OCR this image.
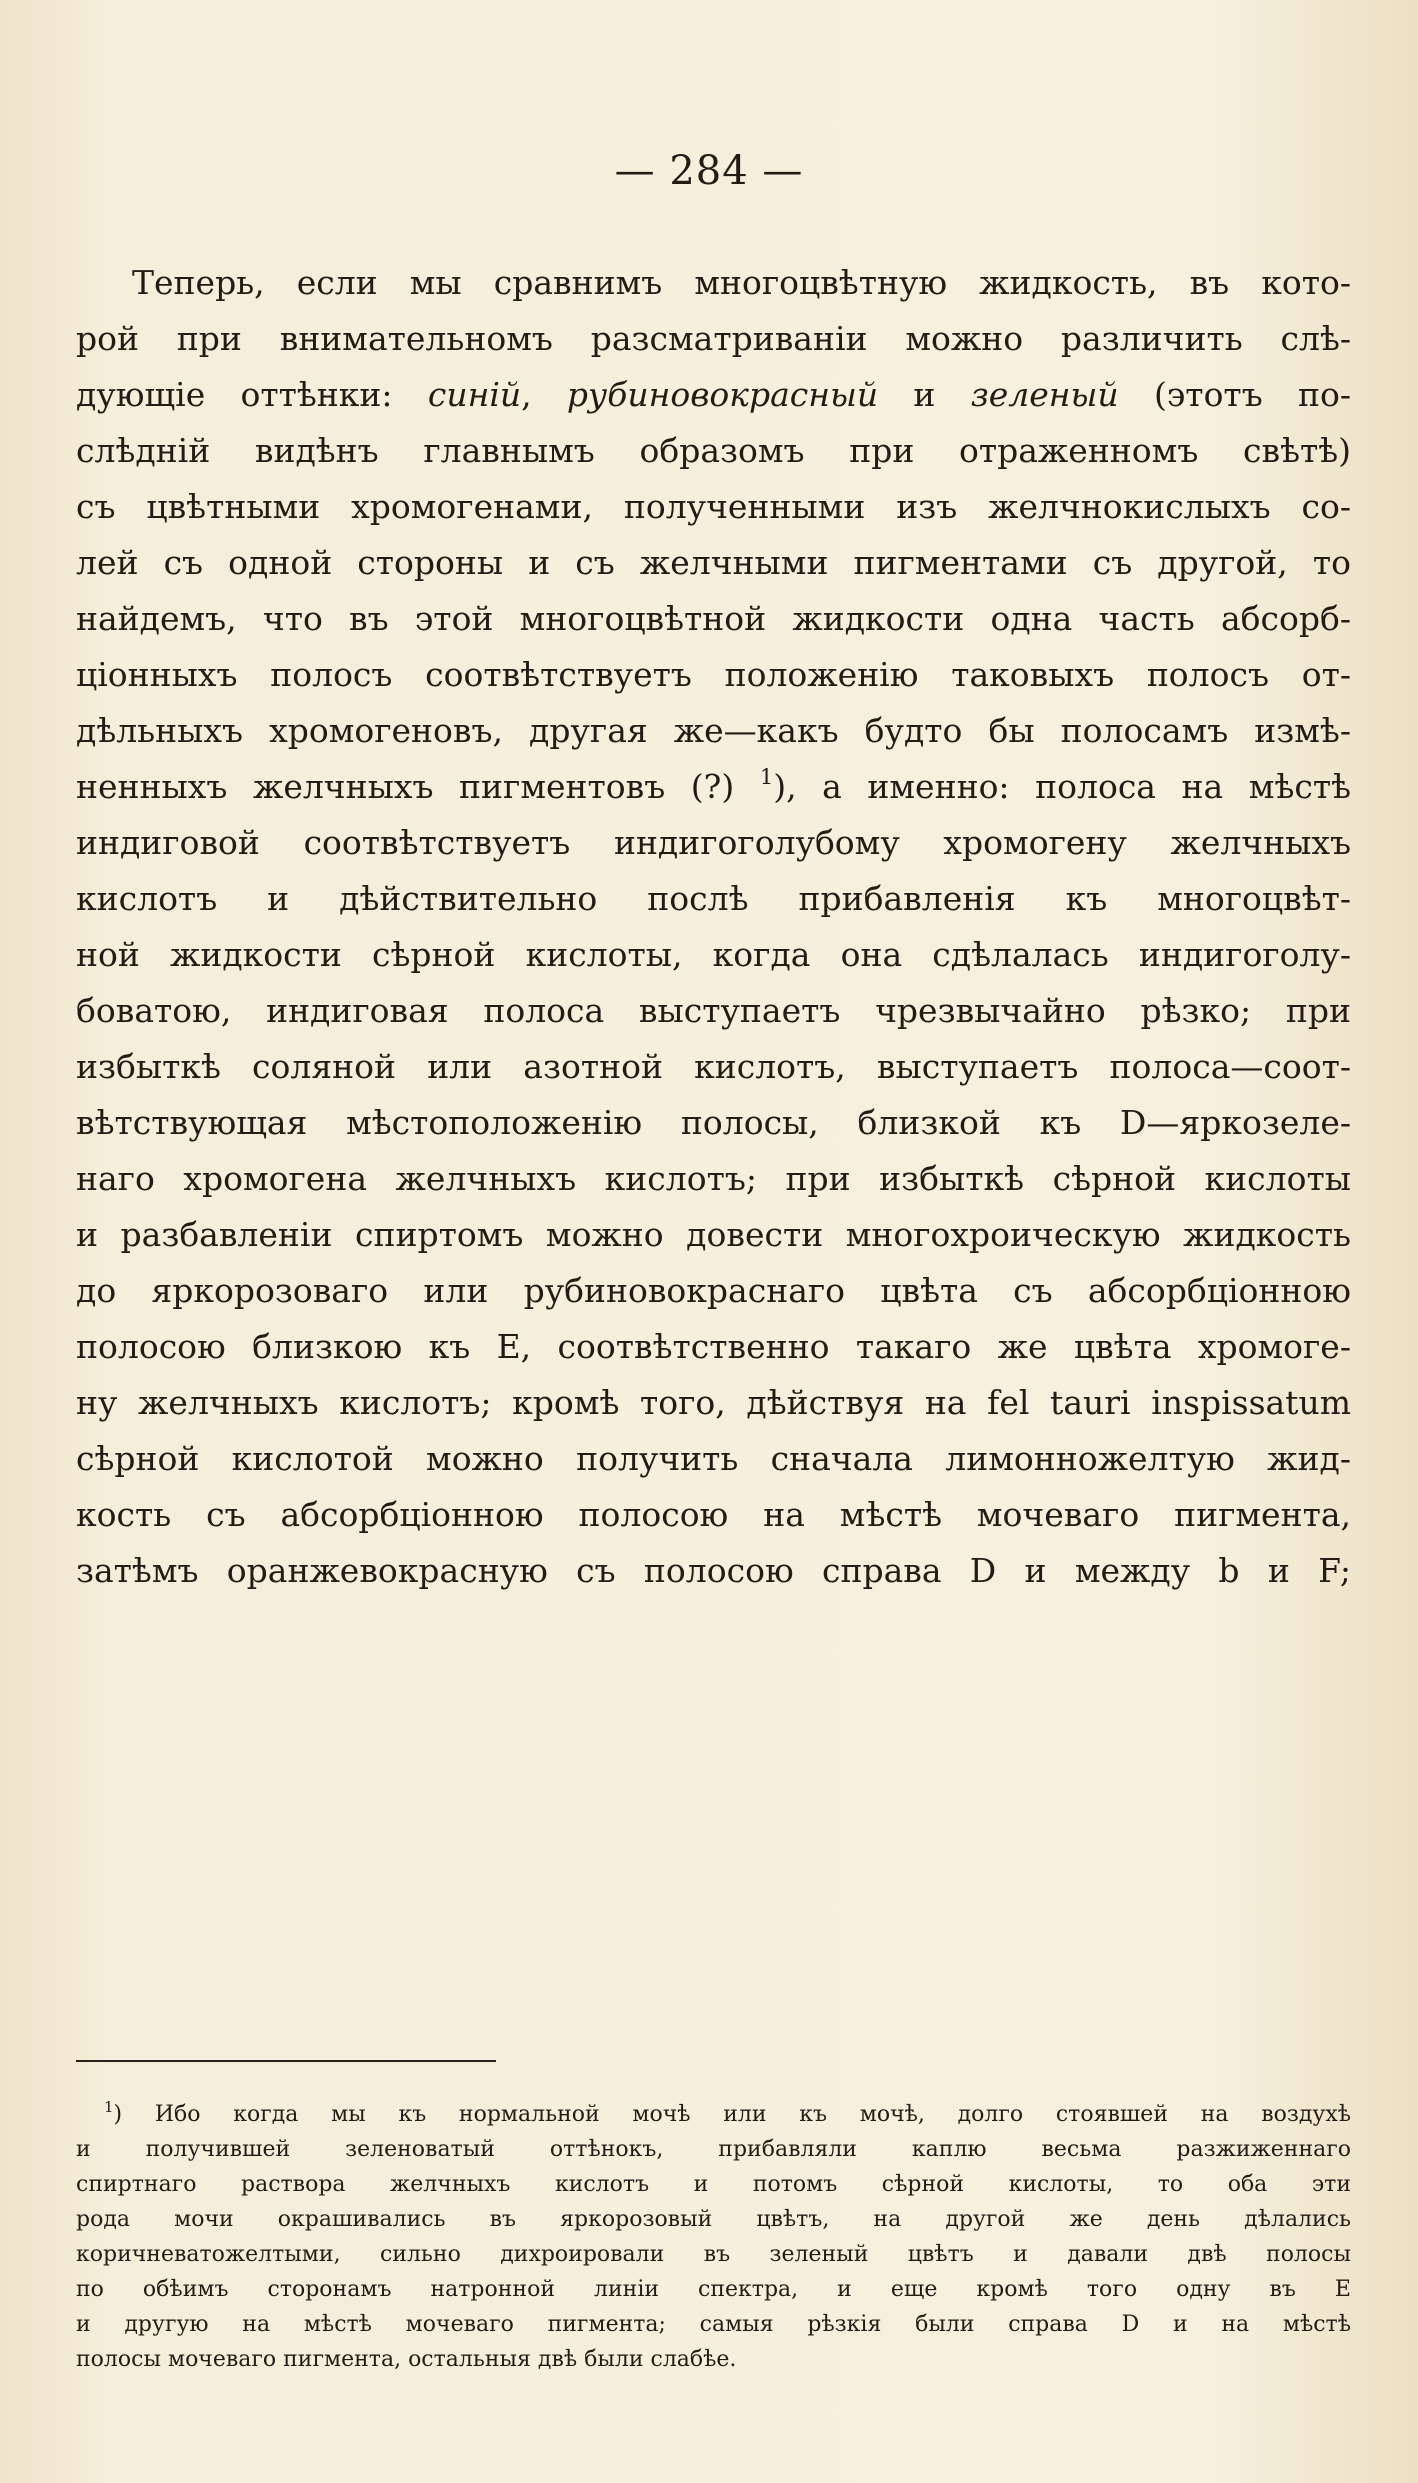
— 284 —
Теперь, если мы сравнимъ многоцвѣтную жидкость, въ кото-
рой при внимательномъ разсматриванiи можно различить слѣ-
дующiе оттѣнки: синiй, рубиновокрасный и зеленый (этотъ по-
слѣднiй видѣнъ главнымъ образомъ при отраженномъ свѣтѣ)
съ цвѣтными хромогенами, полученными изъ желчнокислыхъ со-
лей съ одной стороны и съ желчными пигментами съ другой, то
найдемъ, что въ этой многоцвѣтной жидкости одна часть абсорб-
цiонныхъ полосъ соотвѣтствуетъ положенiю таковыхъ полосъ от-
дѣльныхъ хромогеновъ, другая же—какъ будто бы полосамъ измѣ-
ненныхъ желчныхъ пигментовъ (?) $^1$), а именно: полоса на мѣстѣ
индиговой соотвѣтствуетъ индигоголубому хромогену желчныхъ
кислотъ и дѣйствительно послѣ прибавленiя къ многоцвѣт-
ной жидкости сѣрной кислоты, когда она сдѣлалась индигоголу-
боватою, индиговая полоса выступаетъ чрезвычайно рѣзко; при
избыткѣ соляной или азотной кислотъ, выступаетъ полоса—соот-
вѣтствующая мѣстоположенiю полосы, близкой къ D—яркозеле-
наго хромогена желчныхъ кислотъ; при избыткѣ сѣрной кислоты
и разбавленiи спиртомъ можно довести многохроическую жидкость
до яркорозоваго или рубиновокраснаго цвѣта съ абсорбцiонною
полосою близкою къ Е, соотвѣтственно такаго же цвѣта хромоге-
ну желчныхъ кислотъ; кромѣ того, дѣйствуя на fel tauri inspissatum
сѣрной кислотой можно получить сначала лимонножелтую жид-
кость съ абсорбцiонною полосою на мѣстѣ мочеваго пигмента,
затѣмъ оранжевокрасную съ полосою справа D и между b и F;
$^1$) Ибо когда мы къ нормальной мочѣ или къ мочѣ, долго стоявшей на воздухѣ
и получившей зеленоватый оттѣнокъ, прибавляли каплю весьма разжиженнаго
спиртнаго раствора желчныхъ кислотъ и потомъ сѣрной кислоты, то оба эти
рода мочи окрашивались въ яркорозовый цвѣтъ, на другой же день дѣлались
коричневатожелтыми, сильно дихроировали въ зеленый цвѣтъ и давали двѣ полосы
по обѣимъ сторонамъ натронной линiи спектра, и еще кромѣ того одну въ Е
и другую на мѣстѣ мочеваго пигмента; самыя рѣзкiя были справа D и на мѣстѣ
полосы мочеваго пигмента, остальныя двѣ были слабѣе.
